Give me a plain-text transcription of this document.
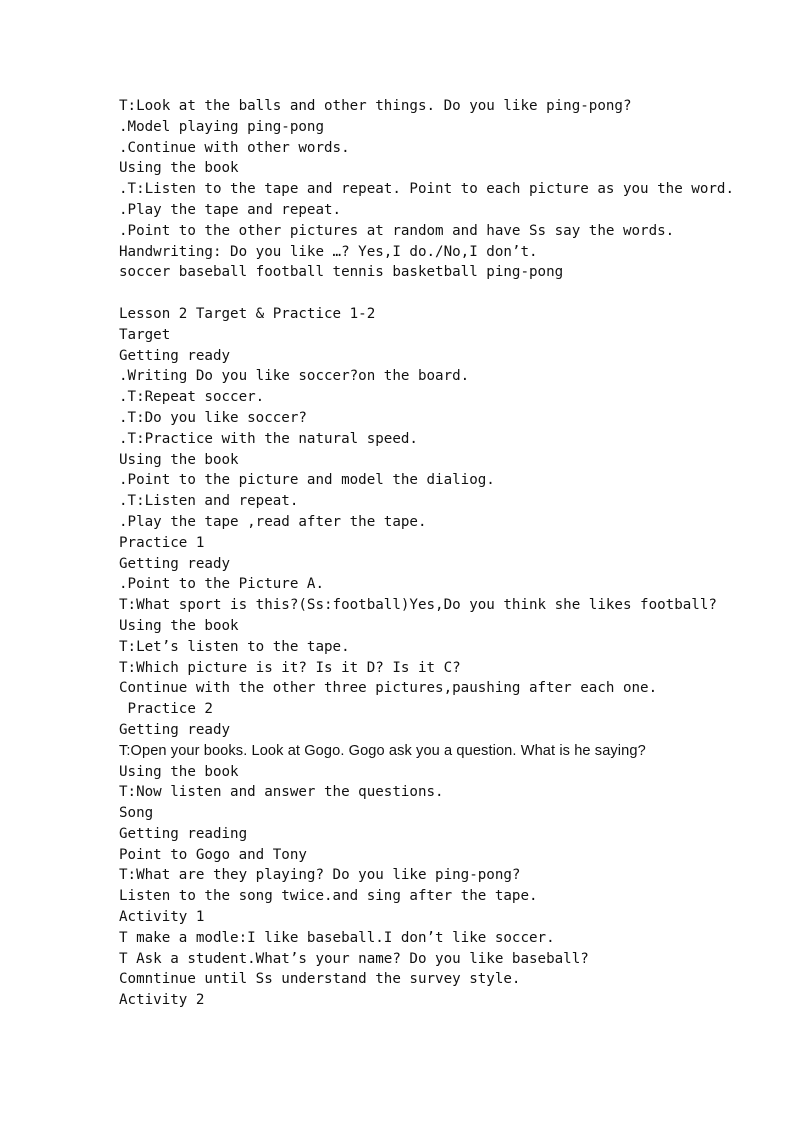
T:Look at the balls and other things. Do you like ping-pong?
.Model playing ping-pong
.Continue with other words.
Using the book
.T:Listen to the tape and repeat. Point to each picture as you the word.
.Play the tape and repeat.
.Point to the other pictures at random and have Ss say the words.
Handwriting: Do you like …? Yes,I do./No,I don’t.
soccer baseball football tennis basketball ping-pong
Lesson 2 Target & Practice 1-2
Target
Getting ready
.Writing Do you like soccer?on the board.
.T:Repeat soccer.
.T:Do you like soccer?
.T:Practice with the natural speed.
Using the book
.Point to the picture and model the dialiog.
.T:Listen and repeat.
.Play the tape ,read after the tape.
Practice 1
Getting ready
.Point to the Picture A.
T:What sport is this?(Ss:football)Yes,Do you think she likes football?
Using the book
T:Let’s listen to the tape.
T:Which picture is it? Is it D? Is it C?
Continue with the other three pictures,paushing after each one.
Practice 2
Getting ready
T:Open your books. Look at Gogo. Gogo ask you a question. What is he saying?
Using the book
T:Now listen and answer the questions.
Song
Getting reading
Point to Gogo and Tony
T:What are they playing? Do you like ping-pong?
Listen to the song twice.and sing after the tape.
Activity 1
T make a modle:I like baseball.I don’t like soccer.
T Ask a student.What’s your name? Do you like baseball?
Comntinue until Ss understand the survey style.
Activity 2
